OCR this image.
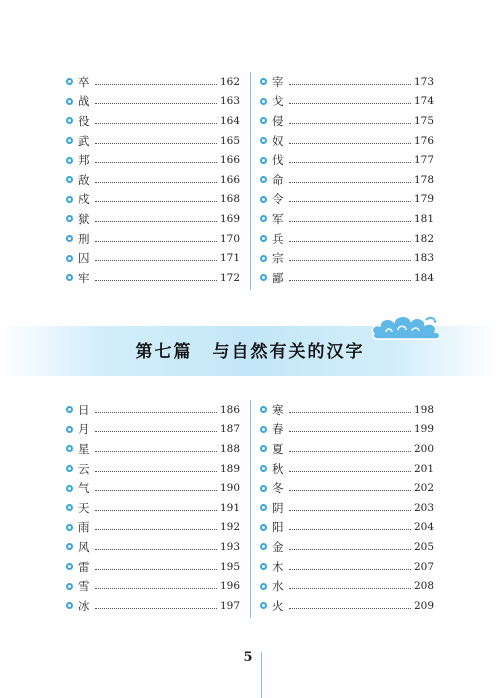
卒	162
战	163
役	164
武	165
邦	166
敌	166
戍	168
狱	169
刑	170
囚	171
牢	172
宰	173
戈	174
侵	175
奴	176
伐	177
命	178
令	179
军	181
兵	182
宗	183
鄙	184
第七篇 与自然有关的汉字
日	186
月	187
星	188
云	189
气	190
天	191
雨	192
风	193
雷	195
雪	196
冰	197
寒	198
春	199
夏	200
秋	201
冬	202
阴	203
阳	204
金	205
木	207
水	208
火	209
5
